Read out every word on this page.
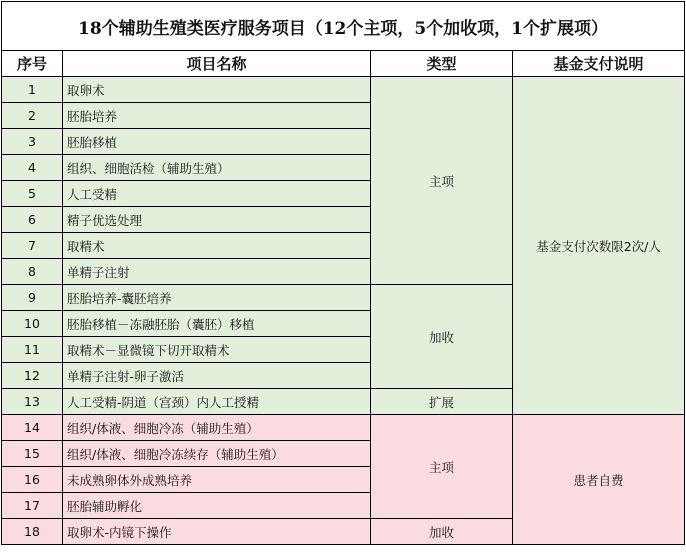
18个辅助生殖类医疗服务项目（12个主项，5个加收项，1个扩展项）			
序号	项目名称	类型	基金支付说明
1	取卵术	主项	基金支付次数限2次/人
2	胚胎培养		
3	胚胎移植		
4	组织、细胞活检（辅助生殖）		
5	人工受精		
6	精子优选处理		
7	取精术		
8	单精子注射		
9	胚胎培养-囊胚培养	加收	
10	胚胎移植－冻融胚胎（囊胚）移植		
11	取精术－显微镜下切开取精术		
12	单精子注射-卵子激活		
13	人工受精-阴道（宫颈）内人工授精	扩展	
14	组织/体液、细胞冷冻（辅助生殖）	主项	患者自费
15	组织/体液、细胞冷冻续存（辅助生殖）		
16	未成熟卵体外成熟培养		
17	胚胎辅助孵化		
18	取卵术-内镜下操作	加收	
